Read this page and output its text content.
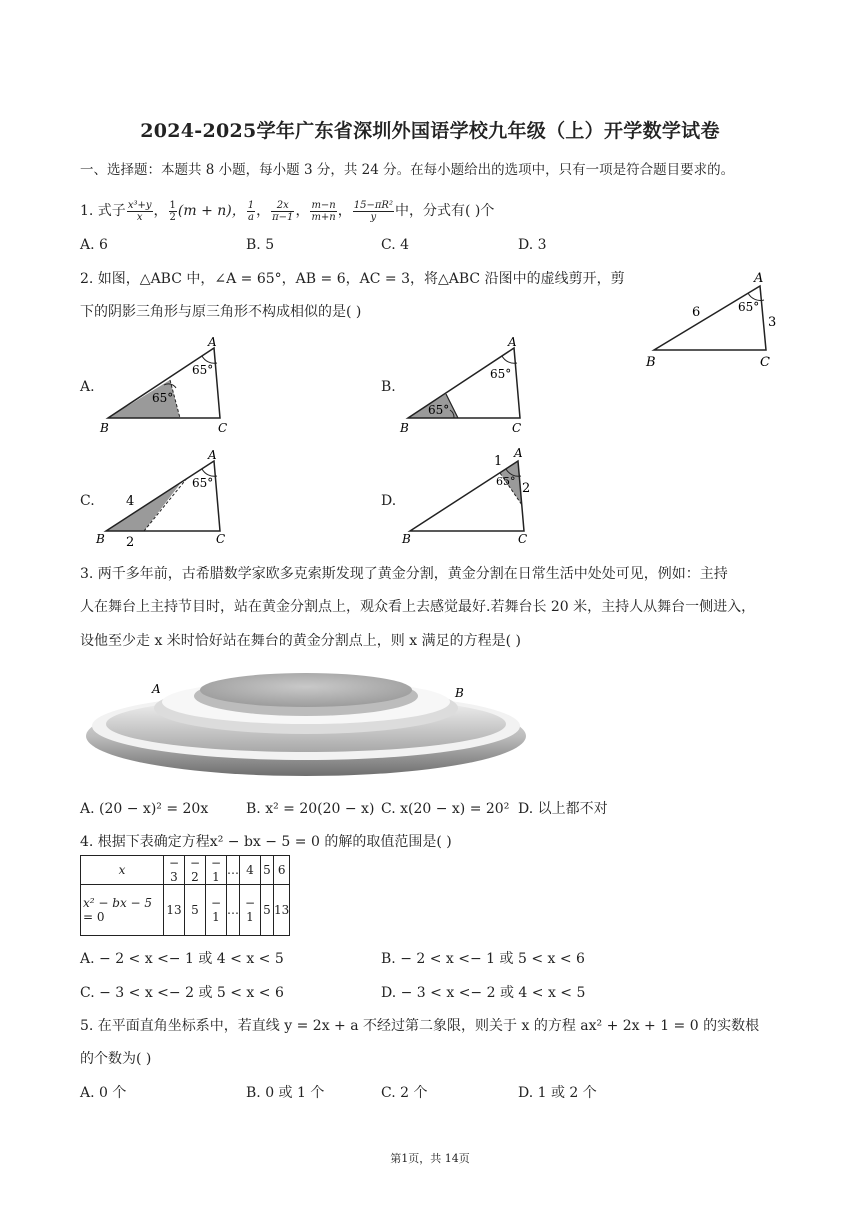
2024-2025学年广东省深圳外国语学校九年级（上）开学数学试卷
一、选择题：本题共 8 小题，每小题 3 分，共 24 分。在每小题给出的选项中，只有一项是符合题目要求的。
1. 式子 $\frac{\text{x³+y}}{x}$ ， $\frac{1}{2} (m + n)$， $\frac{1}{a}$ ， $\frac{2x}{\pi-1}$ ， $\frac{m-n}{m+n}$ ， $\frac{\text{15−πR²}}{y}$ 中，分式有( )个
A. 6	B. 5	C. 4	D. 3
2. 如图，△ABC 中，∠A = 65°，AB = 6，AC = 3，将△ABC 沿图中的虚线剪开，剪
下的阴影三角形与原三角形不构成相似的是( )
A
B	C
65°
6
3
A.
A
B	C
65°
65°
B.
A
B	C
65°
65°
C.
A
B	C
65°
4
2
D.
A
B	C
65°
1
2
3. 两千多年前，古希腊数学家欧多克索斯发现了黄金分割，黄金分割在日常生活中处处可见，例如：主持
人在舞台上主持节目时，站在黄金分割点上，观众看上去感觉最好.若舞台长 20 米，主持人从舞台一侧进入，
设他至少走 x 米时恰好站在舞台的黄金分割点上，则 x 满足的方程是( )
A	B
A. (20 − x)² = 20x	B. x² = 20(20 − x) C. x(20 − x) = 20² D. 以上都不对
4. 根据下表确定方程x² − bx − 5 = 0 的解的取值范围是( )
x	− 3	− 2	− 1	…	4	5	6
x² − bx − 5
= 0	13	5	− 1	…	− 1	5	13
A. − 2 < x <− 1 或 4 < x < 5	B. − 2 < x <− 1 或 5 < x < 6
C. − 3 < x <− 2 或 5 < x < 6	D. − 3 < x <− 2 或 4 < x < 5
5. 在平面直角坐标系中，若直线 y = 2x + a 不经过第二象限，则关于 x 的方程 ax² + 2x + 1 = 0 的实数根
的个数为( )
A. 0 个	B. 0 或 1 个	C. 2 个	D. 1 或 2 个
第1页，共 14页
